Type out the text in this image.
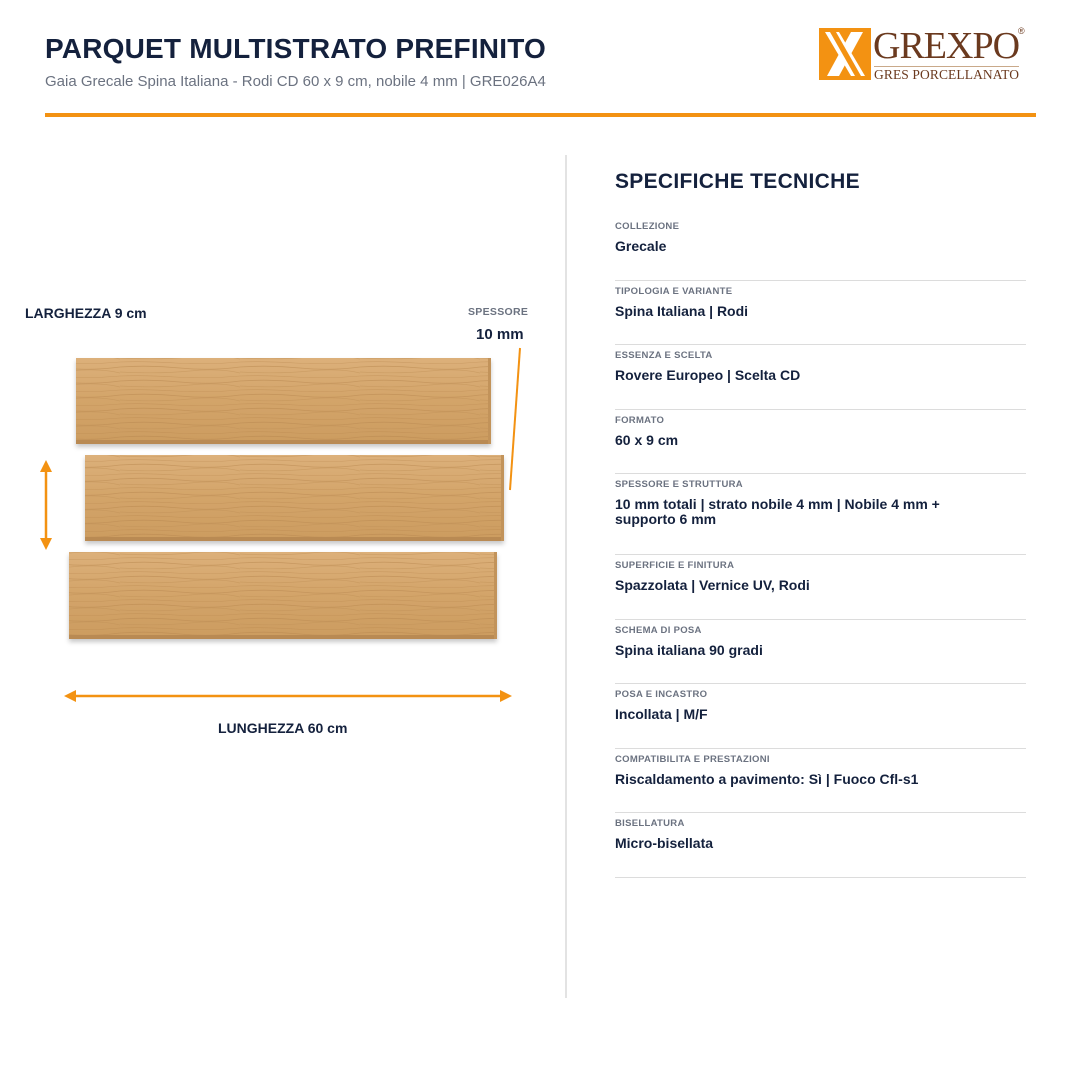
PARQUET MULTISTRATO PREFINITO
Gaia Grecale Spina Italiana - Rodi CD 60 x 9 cm, nobile 4 mm | GRE026A4
GREXPO
®
GRES PORCELLANATO
LARGHEZZA 9 cm	SPESSORE
10 mm
LUNGHEZZA 60 cm
SPECIFICHE TECNICHE
COLLEZIONE
Grecale
TIPOLOGIA E VARIANTE
Spina Italiana | Rodi
ESSENZA E SCELTA
Rovere Europeo | Scelta CD
FORMATO
60 x 9 cm
SPESSORE E STRUTTURA
10 mm totali | strato nobile 4 mm | Nobile 4 mm + supporto 6 mm
SUPERFICIE E FINITURA
Spazzolata | Vernice UV, Rodi
SCHEMA DI POSA
Spina italiana 90 gradi
POSA E INCASTRO
Incollata | M/F
COMPATIBILITA E PRESTAZIONI
Riscaldamento a pavimento: Sì | Fuoco Cfl-s1
BISELLATURA
Micro-bisellata
